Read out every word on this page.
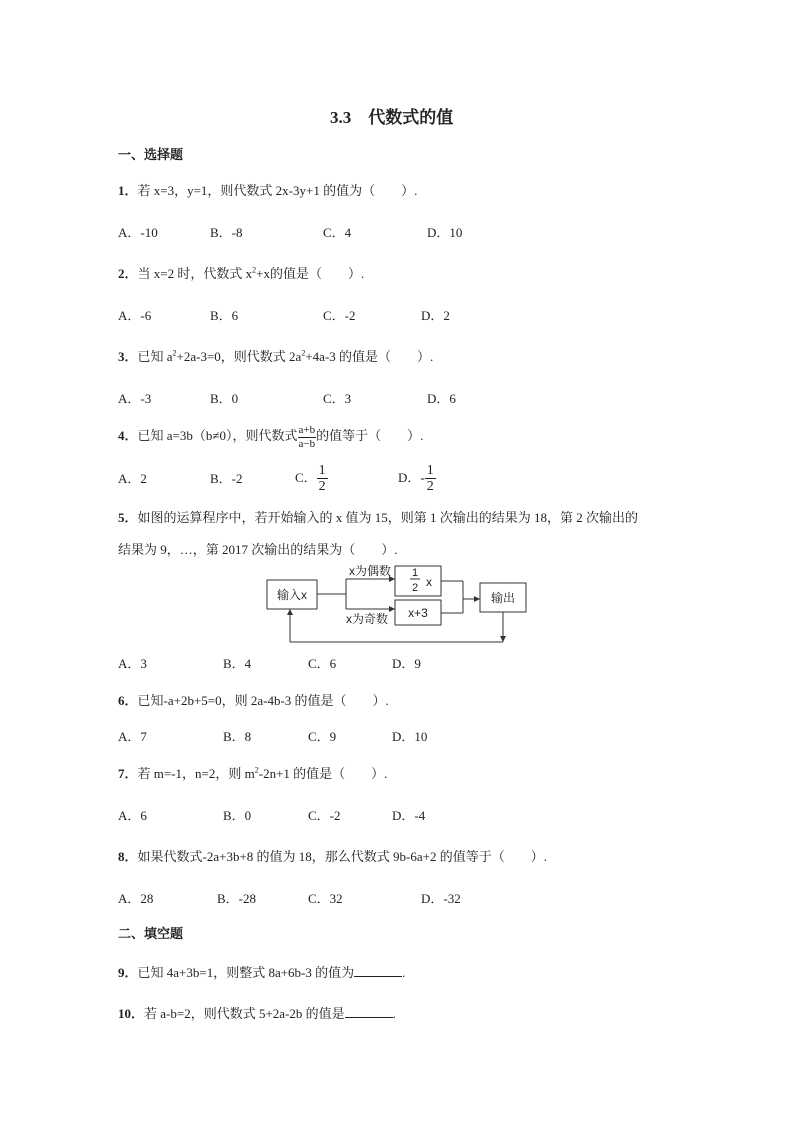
3.3　代数式的值
一、选择题
1．若 x=3，y=1，则代数式 2x-3y+1 的值为（　　）.
A．-10	B．-8	C．4	D．10
2．当 x=2 时，代数式 $x^2+x$的值是（　　）.
A．-6	B．6	C．-2	D．2
3．已知 $a^2+2a-3=0$，则代数式 $2a^2+4a-3$ 的值是（　　）.
A．-3	B．0	C．3	D．6
4．已知 a=3b（b≠0），则代数式 $\frac{a+b}{a-b}$ 的值等于（　　）.
A．2	B．-2	C． $\frac{1}{2}$	D．- $\frac{1}{2}$
5．如图的运算程序中，若开始输入的 x 值为 15，则第 1 次输出的结果为 18，第 2 次输出的
结果为 9，…，第 2017 次输出的结果为（　　）.
输入x
x为偶数
x为奇数
1
2 x
x+3
输出
A．3	B．4	C．6	D．9
6．已知-a+2b+5=0，则 2a-4b-3 的值是（　　）.
A．7	B．8	C．9	D．10
7．若 m=-1，n=2，则 $m^2-2n+1$ 的值是（　　）.
A．6	B．0	C．-2	D．-4
8．如果代数式-2a+3b+8 的值为 18，那么代数式 9b-6a+2 的值等于（　　）.
A．28	B．-28	C．32	D．-32
二、填空题
9．已知 4a+3b=1，则整式 8a+6b-3 的值为	.
10．若 a-b=2，则代数式 5+2a-2b 的值是	.
